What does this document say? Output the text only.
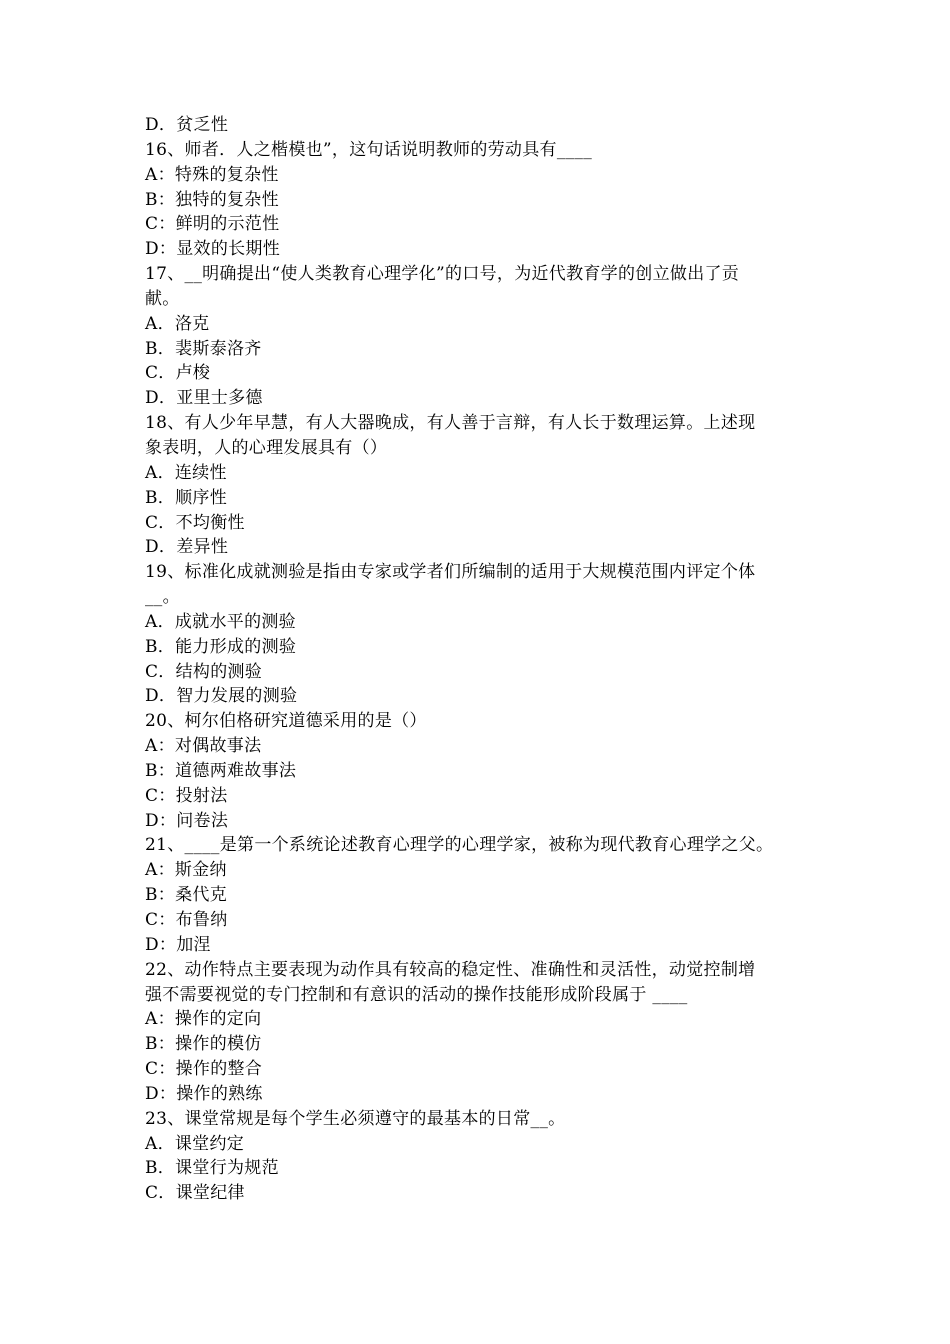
D．贫乏性
16、师者．人之楷模也”，这句话说明教师的劳动具有____
A：特殊的复杂性
B：独特的复杂性
C：鲜明的示范性
D：显效的长期性
17、__明确提出“使人类教育心理学化”的口号，为近代教育学的创立做出了贡
献。
A．洛克
B．裴斯泰洛齐
C．卢梭
D．亚里士多德
18、有人少年早慧，有人大器晚成，有人善于言辩，有人长于数理运算。上述现
象表明，人的心理发展具有（）
A．连续性
B．顺序性
C．不均衡性
D．差异性
19、标准化成就测验是指由专家或学者们所编制的适用于大规模范围内评定个体
__。
A．成就水平的测验
B．能力形成的测验
C．结构的测验
D．智力发展的测验
20、柯尔伯格研究道德采用的是（）
A：对偶故事法
B：道德两难故事法
C：投射法
D：问卷法
21、____是第一个系统论述教育心理学的心理学家，被称为现代教育心理学之父。
A：斯金纳
B：桑代克
C：布鲁纳
D：加涅
22、动作特点主要表现为动作具有较高的稳定性、准确性和灵活性，动觉控制增
强不需要视觉的专门控制和有意识的活动的操作技能形成阶段属于 ____
A：操作的定向
B：操作的模仿
C：操作的整合
D：操作的熟练
23、课堂常规是每个学生必须遵守的最基本的日常__。
A．课堂约定
B．课堂行为规范
C．课堂纪律
